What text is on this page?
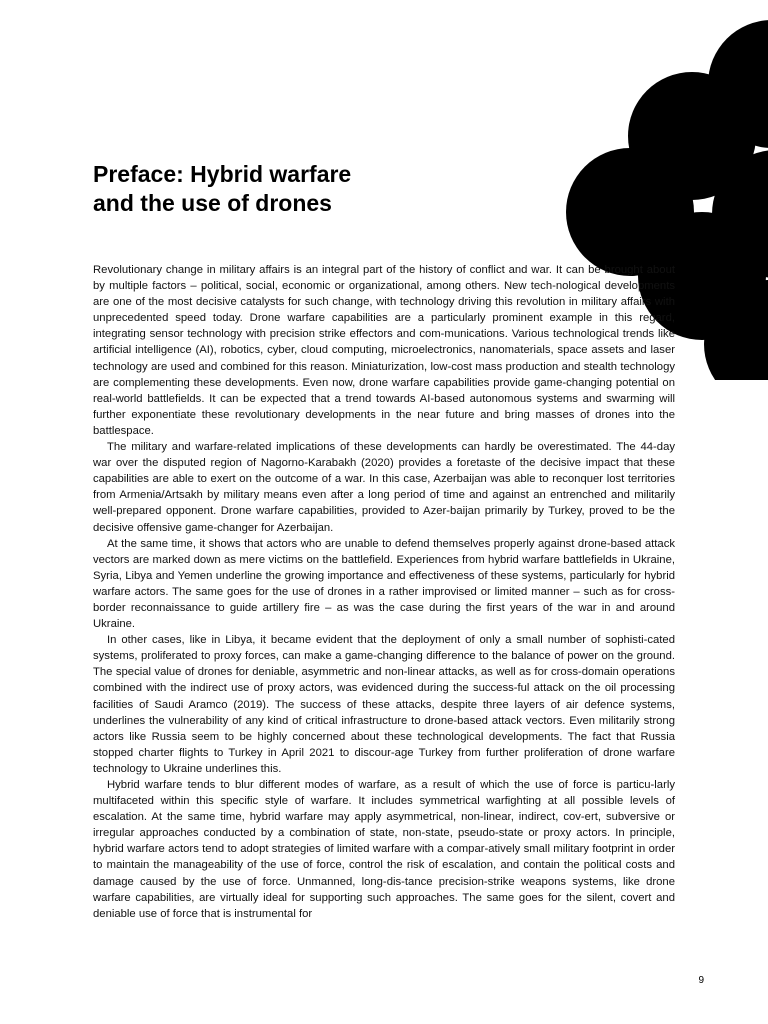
Preface: Hybrid warfare
and the use of drones

Revolutionary change in military affairs is an integral part of the history of conflict and war. It can be brought about by multiple factors – political, social, economic or organizational, among others. New tech-nological developments are one of the most decisive catalysts for such change, with technology driving this revolution in military affairs with unprecedented speed today. Drone warfare capabilities are a particularly prominent example in this regard, integrating sensor technology with precision strike effectors and com-munications. Various technological trends like artificial intelligence (AI), robotics, cyber, cloud computing, microelectronics, nanomaterials, space assets and laser technology are used and combined for this reason. Miniaturization, low-cost mass production and stealth technology are complementing these developments. Even now, drone warfare capabilities provide game-changing potential on real-world battlefields. It can be expected that a trend towards AI-based autonomous systems and swarming will further exponentiate these revolutionary developments in the near future and bring masses of drones into the battlespace.

The military and warfare-related implications of these developments can hardly be overestimated. The 44-day war over the disputed region of Nagorno-Karabakh (2020) provides a foretaste of the decisive impact that these capabilities are able to exert on the outcome of a war. In this case, Azerbaijan was able to reconquer lost territories from Armenia/Artsakh by military means even after a long period of time and against an entrenched and militarily well-prepared opponent. Drone warfare capabilities, provided to Azer-baijan primarily by Turkey, proved to be the decisive offensive game-changer for Azerbaijan.

At the same time, it shows that actors who are unable to defend themselves properly against drone-based attack vectors are marked down as mere victims on the battlefield. Experiences from hybrid warfare battlefields in Ukraine, Syria, Libya and Yemen underline the growing importance and effectiveness of these systems, particularly for hybrid warfare actors. The same goes for the use of drones in a rather improvised or limited manner – such as for cross-border reconnaissance to guide artillery fire – as was the case during the first years of the war in and around Ukraine.

In other cases, like in Libya, it became evident that the deployment of only a small number of sophisti-cated systems, proliferated to proxy forces, can make a game-changing difference to the balance of power on the ground. The special value of drones for deniable, asymmetric and non-linear attacks, as well as for cross-domain operations combined with the indirect use of proxy actors, was evidenced during the success-ful attack on the oil processing facilities of Saudi Aramco (2019). The success of these attacks, despite three layers of air defence systems, underlines the vulnerability of any kind of critical infrastructure to drone-based attack vectors. Even militarily strong actors like Russia seem to be highly concerned about these technological developments. The fact that Russia stopped charter flights to Turkey in April 2021 to discour-age Turkey from further proliferation of drone warfare technology to Ukraine underlines this.

Hybrid warfare tends to blur different modes of warfare, as a result of which the use of force is particu-larly multifaceted within this specific style of warfare. It includes symmetrical warfighting at all possible levels of escalation. At the same time, hybrid warfare may apply asymmetrical, non-linear, indirect, cov-ert, subversive or irregular approaches conducted by a combination of state, non-state, pseudo-state or proxy actors. In principle, hybrid warfare actors tend to adopt strategies of limited warfare with a compar-atively small military footprint in order to maintain the manageability of the use of force, control the risk of escalation, and contain the political costs and damage caused by the use of force. Unmanned, long-dis-tance precision-strike weapons systems, like drone warfare capabilities, are virtually ideal for supporting such approaches. The same goes for the silent, covert and deniable use of force that is instrumental for

9
